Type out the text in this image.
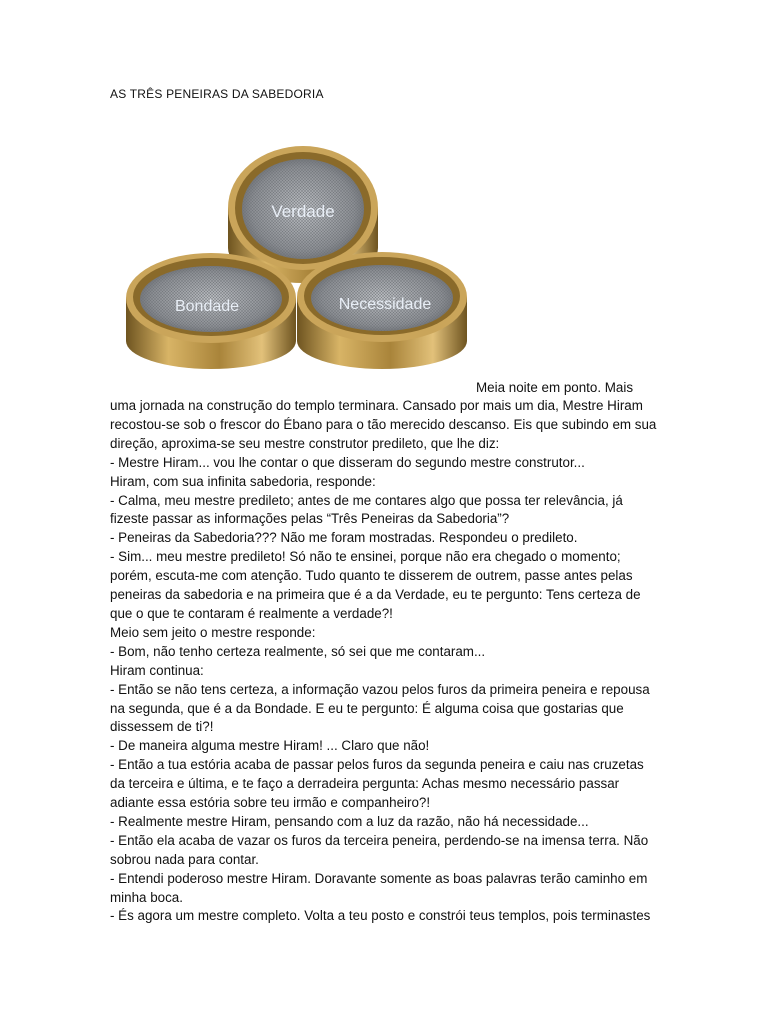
AS TRÊS PENEIRAS DA SABEDORIA
Verdade
Bondade	Necessidade
Meia noite em ponto. Mais

uma jornada na construção do templo terminara. Cansado por mais um dia, Mestre Hiram recostou-se sob o frescor do Ébano para o tão merecido descanso. Eis que subindo em sua direção, aproxima-se seu mestre construtor predileto, que lhe diz:

- Mestre Hiram... vou lhe contar o que disseram do segundo mestre construtor...

Hiram, com sua infinita sabedoria, responde:

- Calma, meu mestre predileto; antes de me contares algo que possa ter relevância, já fizeste passar as informações pelas “Três Peneiras da Sabedoria”?

- Peneiras da Sabedoria??? Não me foram mostradas. Respondeu o predileto.

- Sim... meu mestre predileto! Só não te ensinei, porque não era chegado o momento; porém, escuta-me com atenção. Tudo quanto te disserem de outrem, passe antes pelas peneiras da sabedoria e na primeira que é a da Verdade, eu te pergunto: Tens certeza de que o que te contaram é realmente a verdade?!

Meio sem jeito o mestre responde:

- Bom, não tenho certeza realmente, só sei que me contaram...

Hiram continua:

- Então se não tens certeza, a informação vazou pelos furos da primeira peneira e repousa na segunda, que é a da Bondade. E eu te pergunto: É alguma coisa que gostarias que dissessem de ti?!

- De maneira alguma mestre Hiram! ... Claro que não!

- Então a tua estória acaba de passar pelos furos da segunda peneira e caiu nas cruzetas da terceira e última, e te faço a derradeira pergunta: Achas mesmo necessário passar adiante essa estória sobre teu irmão e companheiro?!

- Realmente mestre Hiram, pensando com a luz da razão, não há necessidade...

- Então ela acaba de vazar os furos da terceira peneira, perdendo-se na imensa terra. Não sobrou nada para contar.

- Entendi poderoso mestre Hiram. Doravante somente as boas palavras terão caminho em minha boca.

- És agora um mestre completo. Volta a teu posto e constrói teus templos, pois terminastes
